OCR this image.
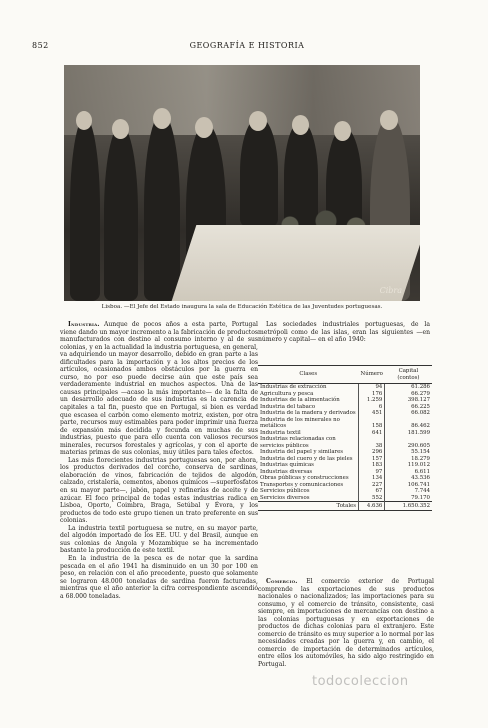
852	GEOGRAFÍA E HISTORIA
Cibra
Lisboa. —El Jefe del Estado inaugura la sala de Educación Estética de las Juventudes portuguesas.

Industria. Aunque de pocos años a esta parte, Portugal viene dando un mayor incremento a la fabricación de productos manufacturados con destino al consumo interno y al de sus colonias, y en la actualidad la industria portuguesa, en general, va adquiriendo un mayor desarrollo, debido en gran parte a las dificultades para la importación y a los altos precios de los artículos, ocasionados ambos obstáculos por la guerra en curso, no por eso puede decirse aún que este país sea verdaderamente industrial en muchos aspectos. Una de las causas principales —acaso la más importante— de la falta de un desarrollo adecuado de sus industrias es la carencia de capitales a tal fin, puesto que en Portugal, si bien es verdad que escasea el carbón como elemento motriz, existen, por otra parte, recursos muy estimables para poder imprimir una fuerza de expansión más decidida y fecunda en muchas de sus industrias, puesto que para ello cuenta con valiosos recursos minerales, recursos forestales y agrícolas, y con el aporte de materias primas de sus colonias, muy útiles para tales efectos.

Las más florecientes industrias portuguesas son, por ahora, los productos derivados del corcho, conserva de sardinas, elaboración de vinos, fabricación de tejidos de algodón, calzado, cristalería, cementos, abonos químicos —superfosfatos en su mayor parte—, jabón, papel y refinerías de aceite y de azúcar. El foco principal de todas estas industrias radica en Lisboa, Oporto, Coimbra, Braga, Setúbal y Évora, y los productos de todo este grupo tienen un trato preferente en sus colonias.

La industria textil portuguesa se nutre, en su mayor parte, del algodón importado de los EE. UU. y del Brasil, aunque en sus colonias de Angola y Mozambique se ha incrementado bastante la producción de este textil.

En la industria de la pesca es de notar que la sardina pescada en el año 1941 ha disminuido en un 30 por 100 en peso, en relación con el año precedente, puesto que solamente se lograron 48.000 toneladas de sardina fueron facturadas, mientras que el año anterior la cifra correspondiente ascendió a 68.000 toneladas.

Las sociedades industriales portuguesas, de la metrópoli como de las islas, eran las siguientes —en número y capital— en el año 1940:

Clases	Número	Capital (contos)
Industrias de extracción	94	61.286
Agricultura y pesca	176	66.279
Industrias de la alimentación	1.259	398.127
Industria del tabaco	6	66.225
Industria de la madera y derivados	451	66.082
Industria de los minerales no metálicos	158	86.462
Industria textil	641	181.599
Industrias relacionadas con servicios públicos	38	290.605
Industria del papel y similares	296	55.154
Industria del cuero y de las pieles	157	18.279
Industrias químicas	183	119.012
Industrias diversas	97	6.611
Obras públicas y construcciones	134	43.536
Transportes y comunicaciones	227	106.741
Servicios públicos	67	7.744
Servicios diversos	552	79.170
Totales	4.636	1.650.352

Comercio. El comercio exterior de Portugal comprende las exportaciones de sus productos nacionales o nacionalizados; las importaciones para su consumo, y el comercio de tránsito, consistente, casi siempre, en importaciones de mercancías con destino a las colonias portuguesas y en exportaciones de productos de dichas colonias para el extranjero. Este comercio de tránsito es muy superior a lo normal por las necesidades creadas por la guerra y, en cambio, el comercio de importación de determinados artículos, entre ellos los automóviles, ha sido algo restringido en Portugal.

todocoleccion
